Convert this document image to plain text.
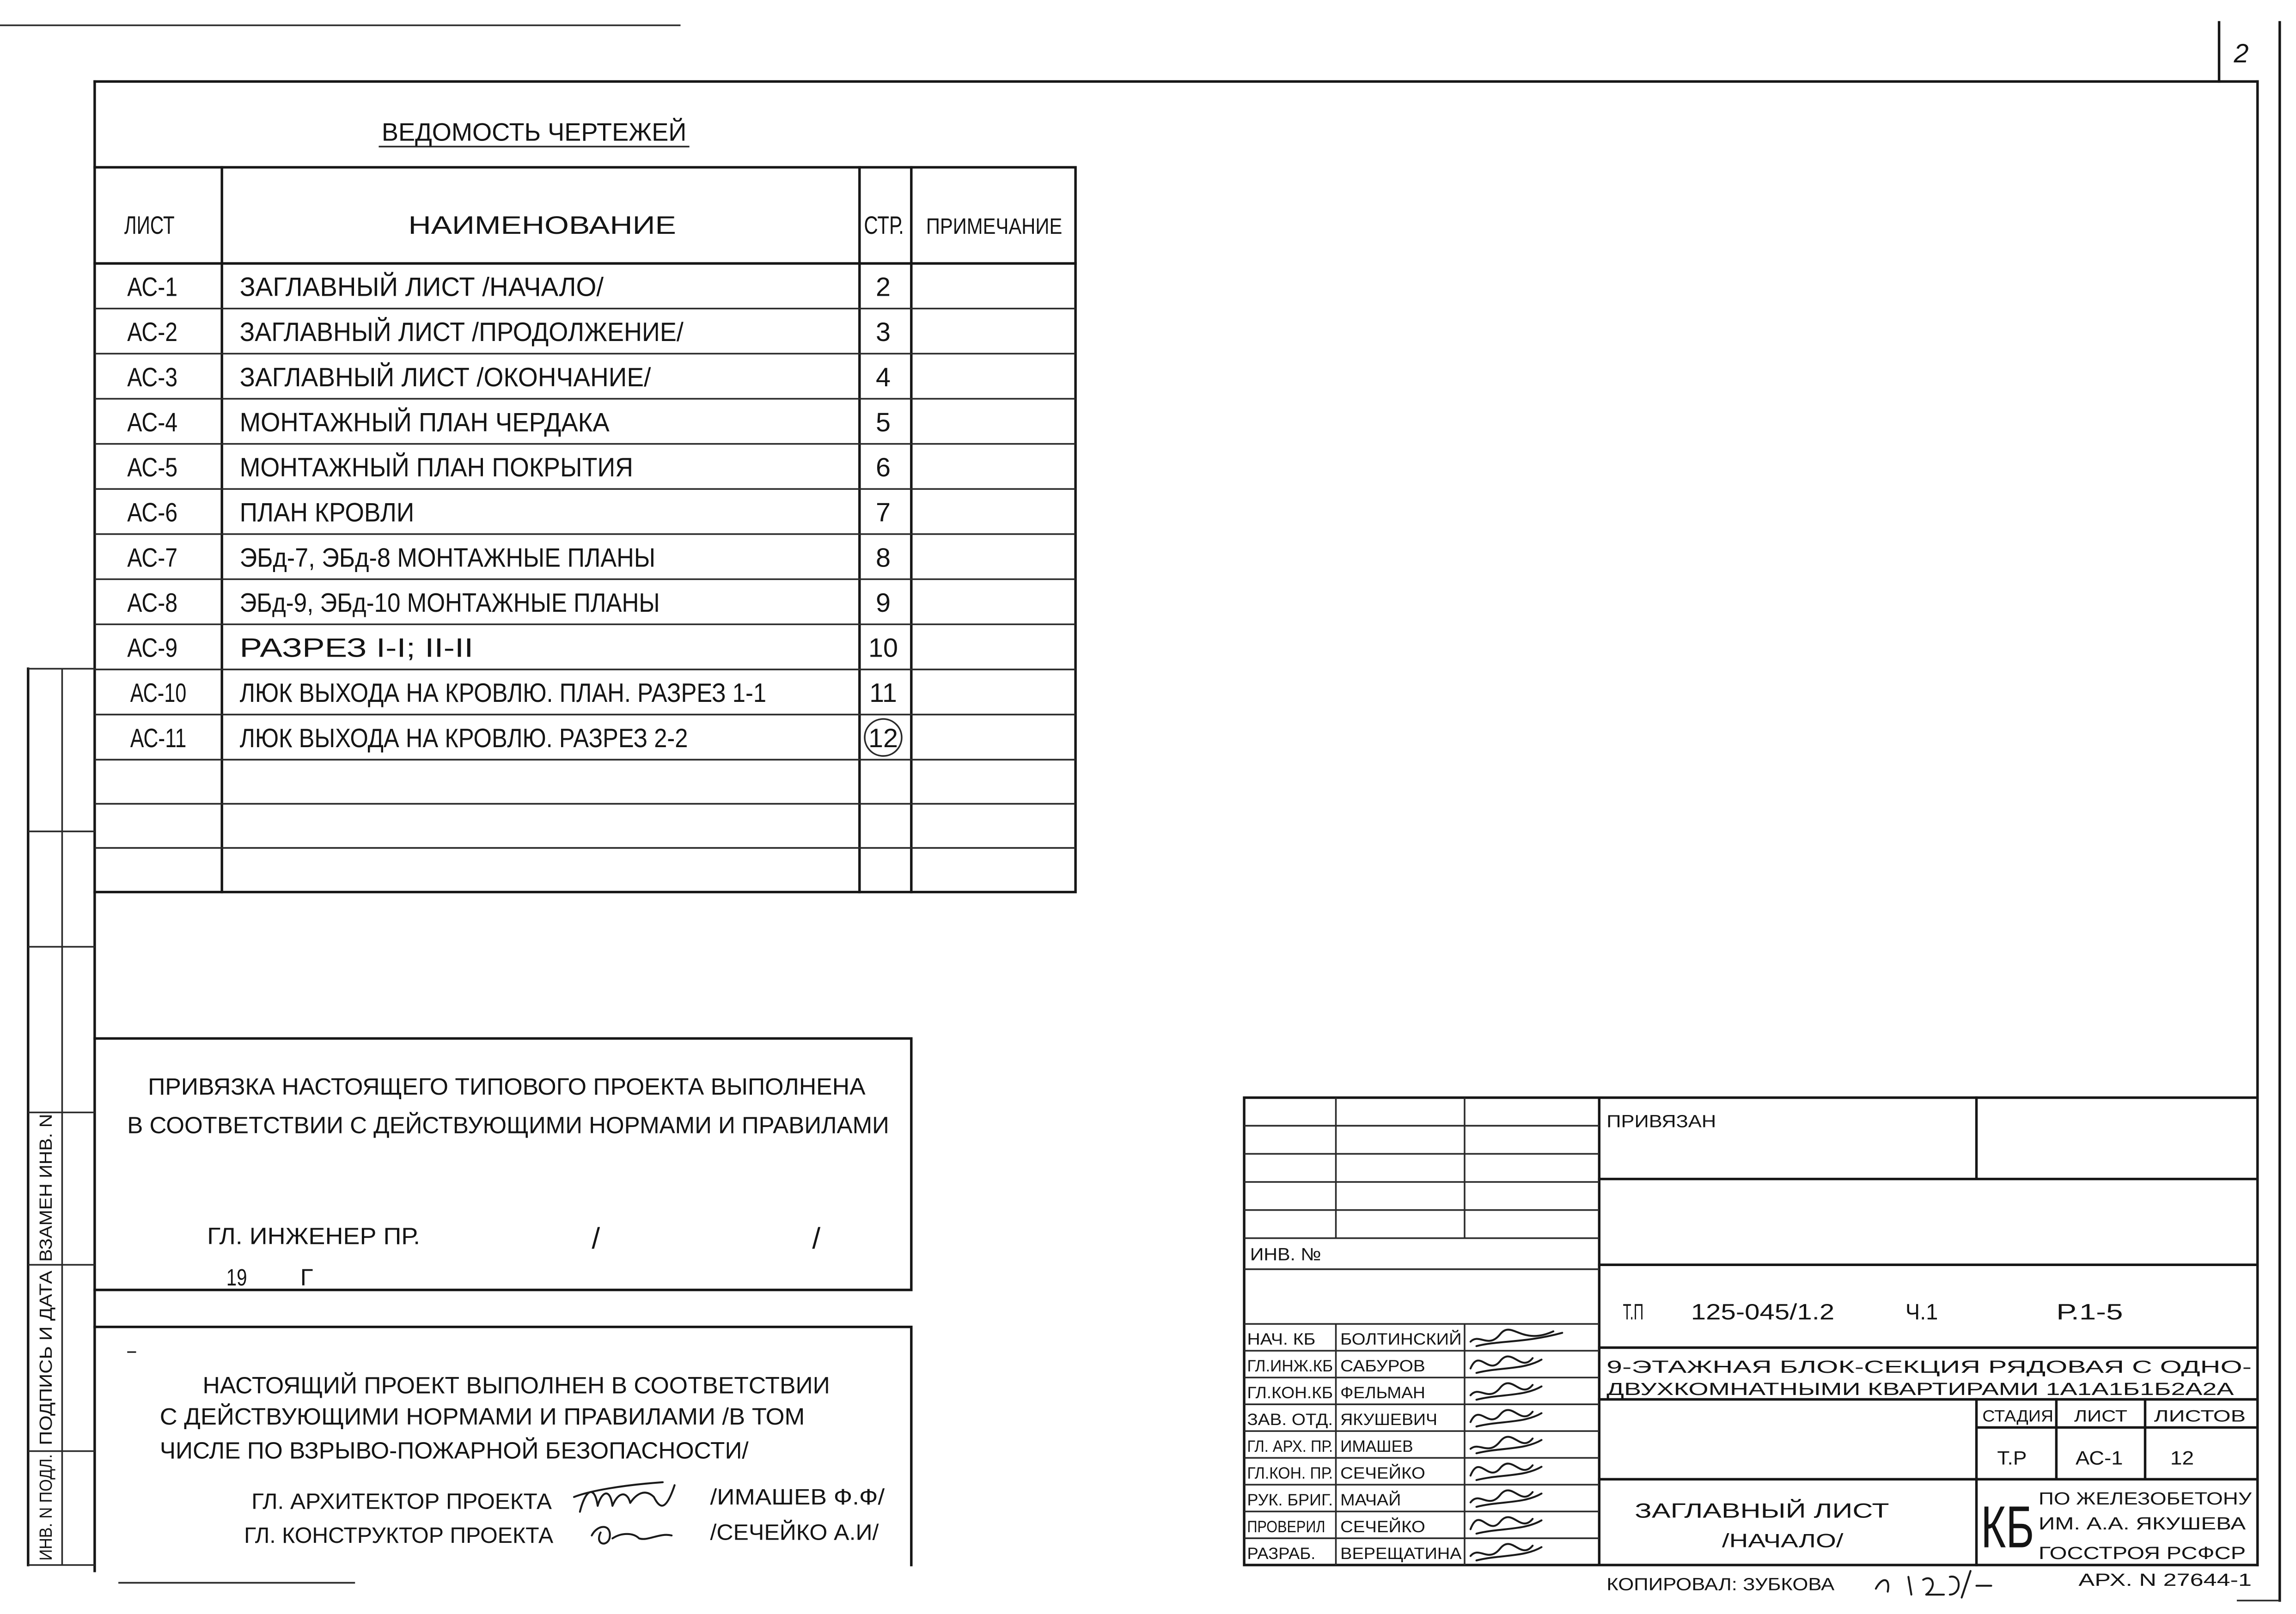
2
ВЕДОМОСТЬ ЧЕРТЕЖЕЙ
ЛИСТ	НАИМЕНОВАНИЕ	СТР.	ПРИМЕЧАНИЕ
АС-1	ЗАГЛАВНЫЙ ЛИСТ /НАЧАЛО/	2
АС-2	ЗАГЛАВНЫЙ ЛИСТ /ПРОДОЛЖЕНИЕ/	3
АС-3	ЗАГЛАВНЫЙ ЛИСТ /ОКОНЧАНИЕ/	4
АС-4	МОНТАЖНЫЙ ПЛАН ЧЕРДАКА	5
АС-5	МОНТАЖНЫЙ ПЛАН ПОКРЫТИЯ	6
АС-6	ПЛАН КРОВЛИ	7
АС-7	ЭБд-7, ЭБд-8 МОНТАЖНЫЕ ПЛАНЫ	8
АС-8	ЭБд-9, ЭБд-10 МОНТАЖНЫЕ ПЛАНЫ	9
АС-9	РАЗРЕЗ I-I; II-II	10
АС-10	ЛЮК ВЫХОДА НА КРОВЛЮ. ПЛАН. РАЗРЕЗ 1-1	11
АС-11	ЛЮК ВЫХОДА НА КРОВЛЮ. РАЗРЕЗ 2-2	12
ПРИВЯЗКА НАСТОЯЩЕГО ТИПОВОГО ПРОЕКТА ВЫПОЛНЕНА
В СООТВЕТСТВИИ С ДЕЙСТВУЮЩИМИ НОРМАМИ И ПРАВИЛАМИ
ГЛ. ИНЖЕНЕР ПР.	/	/
19	Г
НАСТОЯЩИЙ ПРОЕКТ ВЫПОЛНЕН В СООТВЕТСТВИИ
С ДЕЙСТВУЮЩИМИ НОРМАМИ И ПРАВИЛАМИ /В ТОМ
ЧИСЛЕ ПО ВЗРЫВО-ПОЖАРНОЙ БЕЗОПАСНОСТИ/
ГЛ. АРХИТЕКТОР ПРОЕКТА	/ИМАШЕВ Ф.Ф/
ГЛ. КОНСТРУКТОР ПРОЕКТА	/СЕЧЕЙКО А.И/
ВЗАМЕН ИНВ. N
ПОДПИСЬ И ДАТА
ИНВ. N ПОДЛ.
ИНВ. №
НАЧ. КБ	БОЛТИНСКИЙ
ГЛ.ИНЖ.КБ САБУРОВ
ГЛ.КОН.КБ ФЕЛЬМАН
ЗАВ. ОТД. ЯКУШЕВИЧ
ГЛ. АРХ. ПР. ИМАШЕВ
ГЛ.КОН. ПР. СЕЧЕЙКО
РУК. БРИГ. МАЧАЙ
ПРОВЕРИЛ	СЕЧЕЙКО
РАЗРАБ.	ВЕРЕЩАТИНА
ПРИВЯЗАН
Т.П	125-045/1.2	Ч.1	Р.1-5
9-ЭТАЖНАЯ БЛОК-СЕКЦИЯ РЯДОВАЯ С ОДНО-
ДВУХКОМНАТНЫМИ КВАРТИРАМИ 1А1А1Б1Б2А2А
СТАДИЯ	ЛИСТ	ЛИСТОВ
Т.Р	АС-1	12
ЗАГЛАВНЫЙ ЛИСТ
/НАЧАЛО/	КБ ПО ЖЕЛЕЗОБЕТОНУ
ИМ. А.А. ЯКУШЕВА
ГОССТРОЯ РСФСР
КОПИРОВАЛ: ЗУБКОВА	АРХ. N 27644-1
